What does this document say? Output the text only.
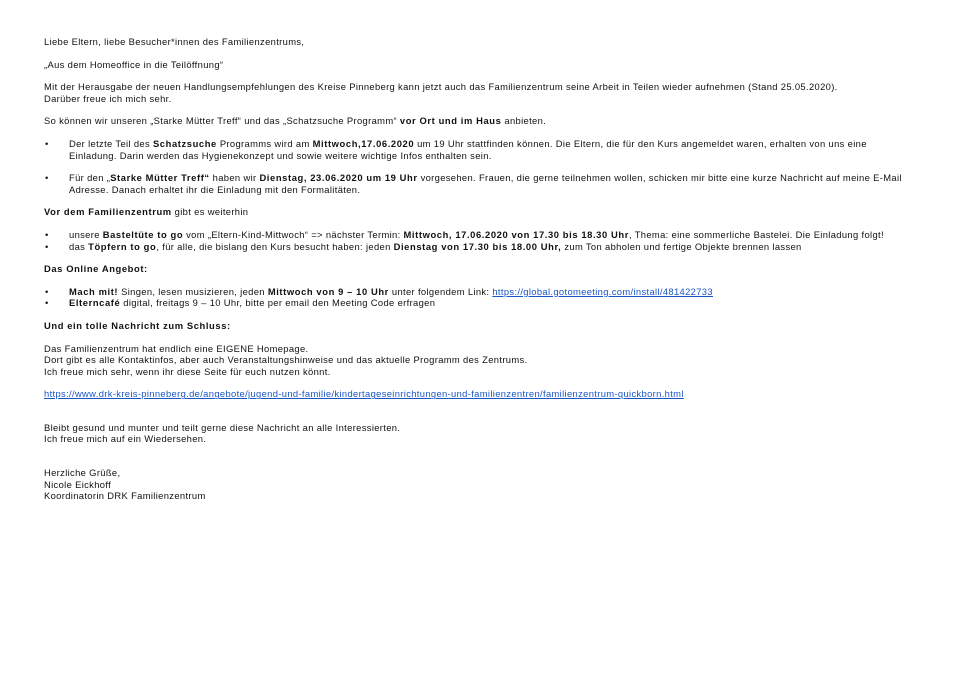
Liebe Eltern, liebe Besucher*innen des Familienzentrums,

„Aus dem Homeoffice in die Teilöffnung“

Mit der Herausgabe der neuen Handlungsempfehlungen des Kreise Pinneberg kann jetzt auch das Familienzentrum seine Arbeit in Teilen wieder aufnehmen (Stand 25.05.2020).
Darüber freue ich mich sehr.

So können wir unseren „Starke Mütter Treff“ und das „Schatzsuche Programm“ vor Ort und im Haus anbieten.

• Der letzte Teil des Schatzsuche Programms wird am Mittwoch,17.06.2020 um 19 Uhr stattfinden können. Die Eltern, die für den Kurs angemeldet waren, erhalten von uns eine Einladung. Darin werden das Hygienekonzept und sowie weitere wichtige Infos enthalten sein.
• Für den „Starke Mütter Treff“ haben wir Dienstag, 23.06.2020 um 19 Uhr vorgesehen. Frauen, die gerne teilnehmen wollen, schicken mir bitte eine kurze Nachricht auf meine E-Mail Adresse. Danach erhaltet ihr die Einladung mit den Formalitäten.

Vor dem Familienzentrum gibt es weiterhin

• unsere Basteltüte to go vom „Eltern-Kind-Mittwoch“ => nächster Termin: Mittwoch, 17.06.2020 von 17.30 bis 18.30 Uhr, Thema: eine sommerliche Bastelei. Die Einladung folgt!
• das Töpfern to go, für alle, die bislang den Kurs besucht haben: jeden Dienstag von 17.30 bis 18.00 Uhr, zum Ton abholen und fertige Objekte brennen lassen

Das Online Angebot:

• Mach mit! Singen, lesen musizieren, jeden Mittwoch von 9 – 10 Uhr unter folgendem Link: https://global.gotomeeting.com/install/481422733
• Elterncafé digital, freitags 9 – 10 Uhr, bitte per email den Meeting Code erfragen

Und ein tolle Nachricht zum Schluss:

Das Familienzentrum hat endlich eine EIGENE Homepage.
Dort gibt es alle Kontaktinfos, aber auch Veranstaltungshinweise und das aktuelle Programm des Zentrums.
Ich freue mich sehr, wenn ihr diese Seite für euch nutzen könnt.

https://www.drk-kreis-pinneberg.de/angebote/jugend-und-familie/kindertageseinrichtungen-und-familienzentren/familienzentrum-quickborn.html

Bleibt gesund und munter und teilt gerne diese Nachricht an alle Interessierten.
Ich freue mich auf ein Wiedersehen.

Herzliche Grüße,
Nicole Eickhoff
Koordinatorin DRK Familienzentrum
